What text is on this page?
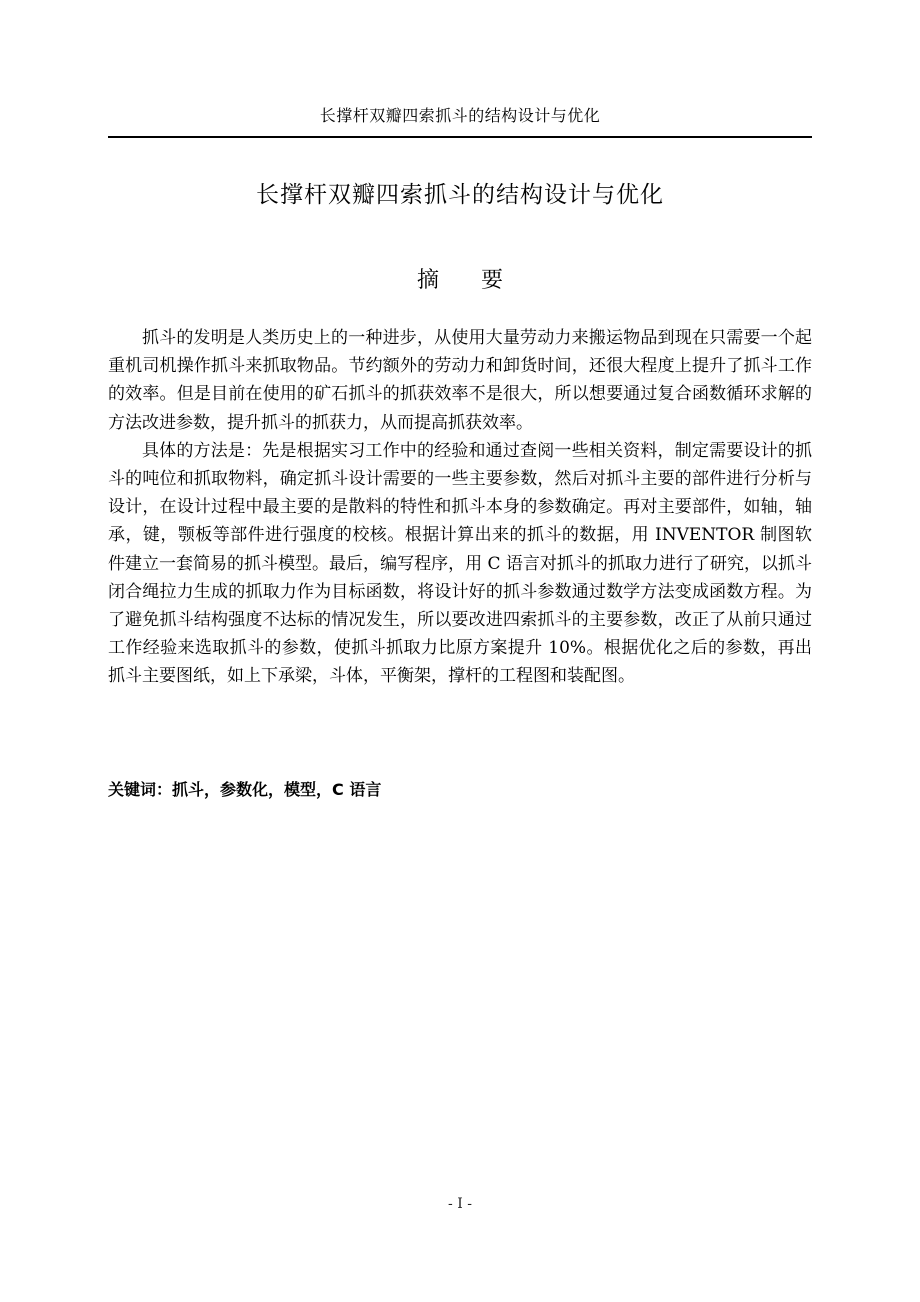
长撑杆双瓣四索抓斗的结构设计与优化
长撑杆双瓣四索抓斗的结构设计与优化
摘 要

抓斗的发明是人类历史上的一种进步，从使用大量劳动力来搬运物品到现在只需要一个起重机司机操作抓斗来抓取物品。节约额外的劳动力和卸货时间，还很大程度上提升了抓斗工作的效率。但是目前在使用的矿石抓斗的抓获效率不是很大，所以想要通过复合函数循环求解的方法改进参数，提升抓斗的抓获力，从而提高抓获效率。

具体的方法是：先是根据实习工作中的经验和通过查阅一些相关资料，制定需要设计的抓斗的吨位和抓取物料，确定抓斗设计需要的一些主要参数，然后对抓斗主要的部件进行分析与设计，在设计过程中最主要的是散料的特性和抓斗本身的参数确定。再对主要部件，如轴，轴承，键，颚板等部件进行强度的校核。根据计算出来的抓斗的数据，用 INVENTOR 制图软件建立一套简易的抓斗模型。最后，编写程序，用 C 语言对抓斗的抓取力进行了研究，以抓斗闭合绳拉力生成的抓取力作为目标函数，将设计好的抓斗参数通过数学方法变成函数方程。为了避免抓斗结构强度不达标的情况发生，所以要改进四索抓斗的主要参数，改正了从前只通过工作经验来选取抓斗的参数，使抓斗抓取力比原方案提升 10%。根据优化之后的参数，再出抓斗主要图纸，如上下承梁，斗体，平衡架，撑杆的工程图和装配图。

关键词：抓斗，参数化，模型，C 语言
- I -
